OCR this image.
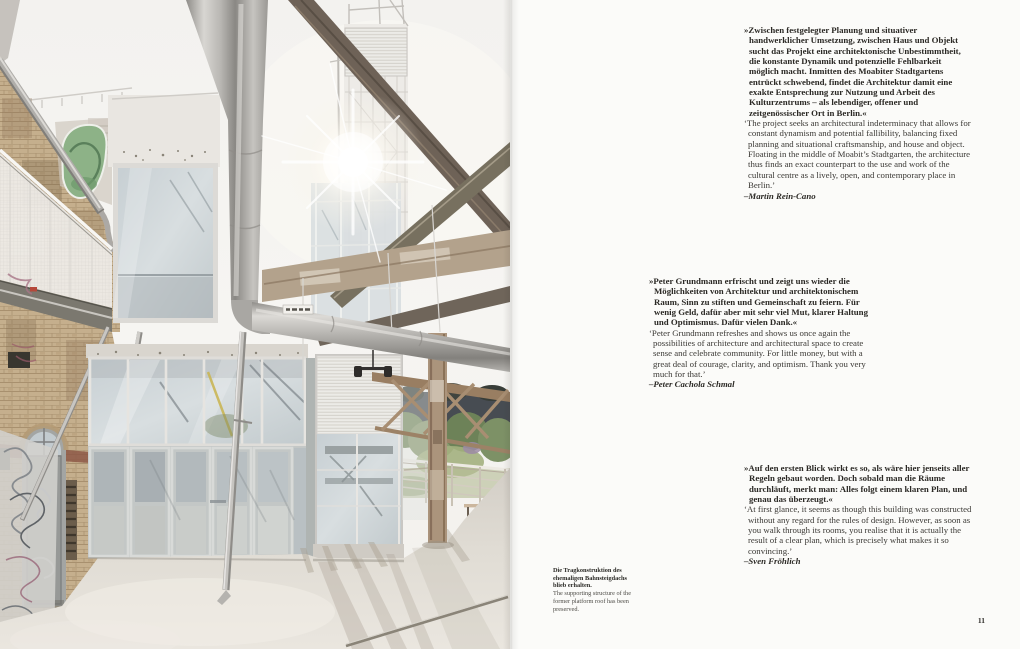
»Zwischen festgelegter Planung und situativer handwerklicher Umsetzung, zwischen Haus und Objekt sucht das Projekt eine architektonische Unbestimmtheit, die konstante Dynamik und potenzielle Fehlbarkeit möglich macht. Inmitten des Moabiter Stadtgartens entrückt schwebend, findet die Architektur damit eine exakte Entsprechung zur Nutzung und Arbeit des Kulturzentrums – als lebendiger, offener und zeitgenössischer Ort in Berlin.«

‘The project seeks an architectural indeterminacy that allows for constant dynamism and potential fallibility, balancing fixed planning and situational craftsmanship, and house and object. Floating in the middle of Moabit’s Stadtgarten, the architecture thus finds an exact counterpart to the use and work of the cultural centre as a lively, open, and contemporary place in Berlin.’

–Martin Rein-Cano

»Peter Grundmann erfrischt und zeigt uns wieder die Möglichkeiten von Architektur und architektonischem Raum, Sinn zu stiften und Gemeinschaft zu feiern. Für wenig Geld, dafür aber mit sehr viel Mut, klarer Haltung und Optimismus. Dafür vielen Dank.«

‘Peter Grundmann refreshes and shows us once again the possibilities of architecture and architectural space to create sense and celebrate community. For little money, but with a great deal of courage, clarity, and optimism. Thank you very much for that.’

–Peter Cachola Schmal

»Auf den ersten Blick wirkt es so, als wäre hier jenseits aller Regeln gebaut worden. Doch sobald man die Räume durchläuft, merkt man: Alles folgt einem klaren Plan, und genau das überzeugt.«

‘At first glance, it seems as though this building was constructed without any regard for the rules of design. However, as soon as you walk through its rooms, you realise that it is actually the result of a clear plan, which is precisely what makes it so convincing.’

–Sven Fröhlich

Die Tragkonstruktion des ehemaligen Bahnsteigdachs blieb erhalten.

The supporting structure of the former platform roof has been preserved.

11
